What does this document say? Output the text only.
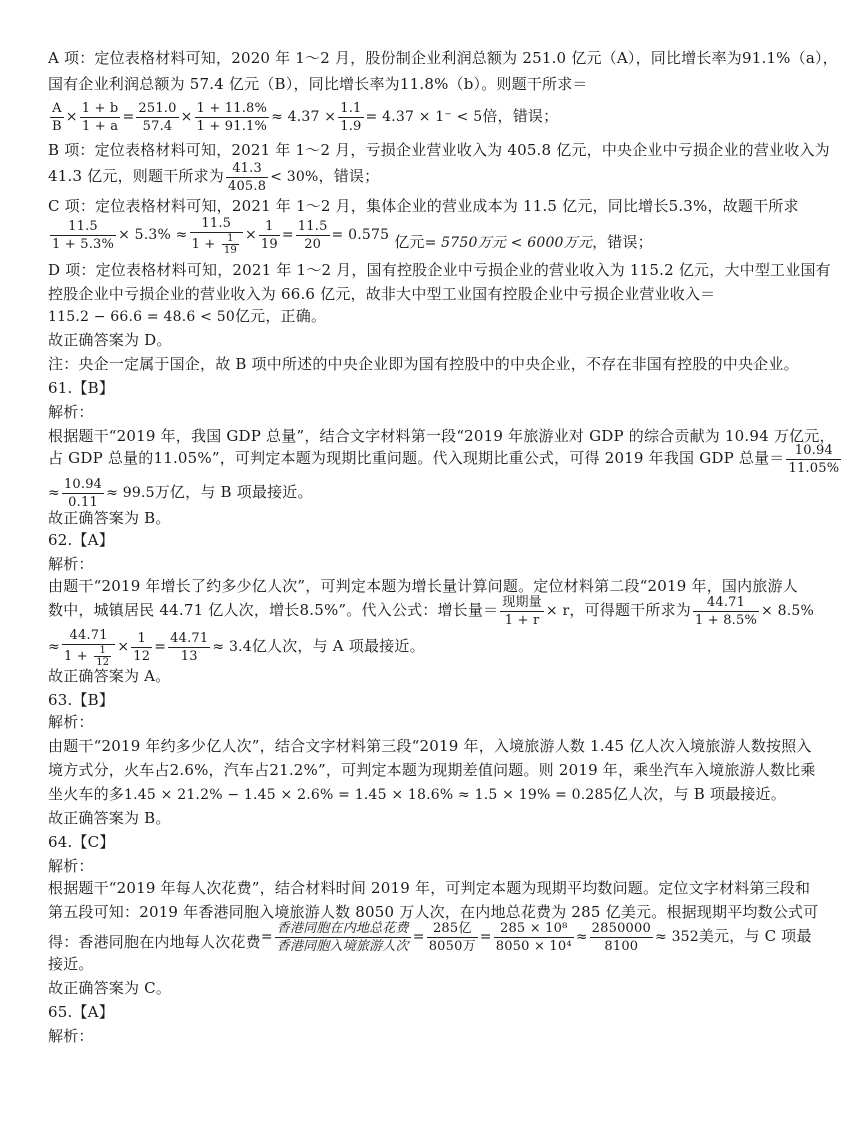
A 项：定位表格材料可知，2020 年 1～2 月，股份制企业利润总额为 251.0 亿元（A），同比增长率为91.1%（a），
国有企业利润总额为 57.4 亿元（B），同比增长率为11.8%（b）。则题干所求＝
$\frac{A}{B} \times \frac{1 + b}{1 + a} = \frac{251.0}{57.4} \times \frac{1 + 11.8\%}{1 + 91.1\%} \approx 4.37 \times \frac{1.1}{1.9} = 4.37 \times 1^- < 5$倍，错误；
B 项：定位表格材料可知，2021 年 1～2 月，亏损企业营业收入为 405.8 亿元，中央企业中亏损企业的营业收入为
41.3 亿元，则题干所求为 $\frac{41.3}{405.8} < 30\%$，错误；
C 项：定位表格材料可知，2021 年 1～2 月，集体企业的营业成本为 11.5 亿元，同比增长5.3%，故题干所求
$\frac{11.5}{1 + 5.3\%} \times 5.3\% \approx \frac{11.5}{1 + \frac{1}{19}} \times \frac{1}{19} = \frac{11.5}{20} = 0.575$ 亿元= 5750万元 < 6000万元，错误；
D 项：定位表格材料可知，2021 年 1～2 月，国有控股企业中亏损企业的营业收入为 115.2 亿元，大中型工业国有
控股企业中亏损企业的营业收入为 66.6 亿元，故非大中型工业国有控股企业中亏损企业营业收入＝
115.2 − 66.6 = 48.6 < 50亿元，正确。
故正确答案为 D。
注：央企一定属于国企，故 B 项中所述的中央企业即为国有控股中的中央企业，不存在非国有控股的中央企业。
61.【B】
解析：
根据题干“2019 年，我国 GDP 总量”，结合文字材料第一段“2019 年旅游业对 GDP 的综合贡献为 10.94 万亿元，
占 GDP 总量的11.05%”，可判定本题为现期比重问题。代入现期比重公式，可得 2019 年我国 GDP 总量＝ $\frac{10.94}{11.05\%}$
≈ $\frac{10.94}{0.11} \approx 99.5$万亿，与 B 项最接近。
故正确答案为 B。
62.【A】
解析：
由题干“2019 年增长了约多少亿人次”，可判定本题为增长量计算问题。定位材料第二段“2019 年，国内旅游人
数中，城镇居民 44.71 亿人次，增长8.5%”。代入公式：增长量＝ $\frac{\text{现期量}}{1 + r} \times r$，可得题干所求为 $\frac{44.71}{1 + 8.5\%} \times 8.5\%$
≈ $\frac{44.71}{1 + \frac{1}{12}} \times \frac{1}{12} = \frac{44.71}{13} \approx 3.4$亿人次，与 A 项最接近。
故正确答案为 A。
63.【B】
解析：
由题干“2019 年约多少亿人次”，结合文字材料第三段“2019 年，入境旅游人数 1.45 亿人次入境旅游人数按照入
境方式分，火车占2.6%，汽车占21.2%”，可判定本题为现期差值问题。则 2019 年，乘坐汽车入境旅游人数比乘
坐火车的多1.45 × 21.2% − 1.45 × 2.6% = 1.45 × 18.6% ≈ 1.5 × 19% = 0.285亿人次，与 B 项最接近。
故正确答案为 B。
64.【C】
解析：
根据题干“2019 年每人次花费”，结合材料时间 2019 年，可判定本题为现期平均数问题。定位文字材料第三段和
第五段可知：2019 年香港同胞入境旅游人数 8050 万人次，在内地总花费为 285 亿美元。根据现期平均数公式可
得：香港同胞在内地每人次花费= $\frac{\text{香港同胞在内地总花费}}{\text{香港同胞入境旅游人次}} = \frac{\text{285亿}}{\text{8050万}} = \frac{\text{285 × 10⁸}}{\text{8050 × 10⁴}} \approx \frac{2850000}{8100} \approx 352$美元，与 C 项最
接近。
故正确答案为 C。
65.【A】
解析：
